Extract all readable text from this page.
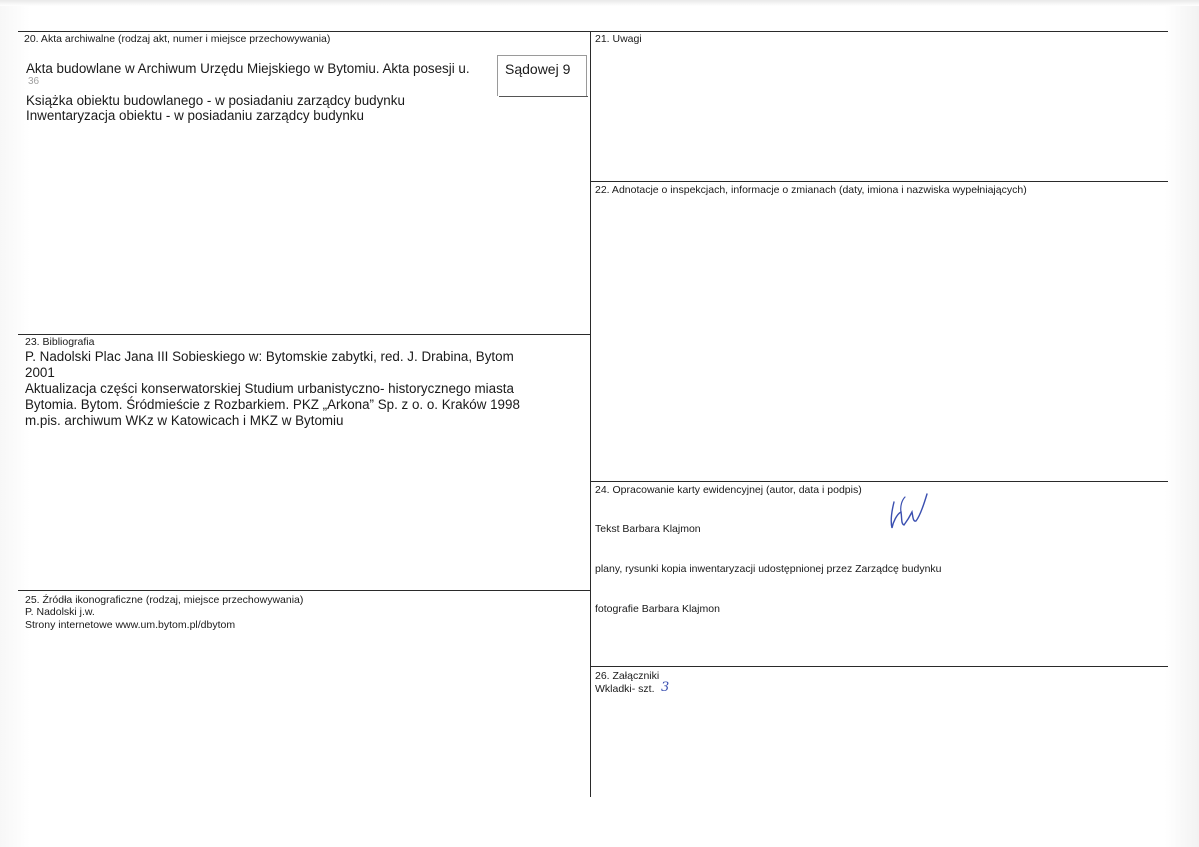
20. Akta archiwalne (rodzaj akt, numer i miejsce przechowywania)
Akta budowlane w Archiwum Urzędu Miejskiego w Bytomiu. Akta posesji u.	Sądowej 9
36
Książka obiektu budowlanego - w posiadaniu zarządcy budynku
Inwentaryzacja obiektu - w posiadaniu zarządcy budynku
21. Uwagi
22. Adnotacje o inspekcjach, informacje o zmianach (daty, imiona i nazwiska wypełniających)
23. Bibliografia
P. Nadolski Plac Jana III Sobieskiego w: Bytomskie zabytki, red. J. Drabina, Bytom
2001
Aktualizacja części konserwatorskiej Studium urbanistyczno- historycznego miasta
Bytomia. Bytom. Śródmieście z Rozbarkiem. PKZ „Arkona” Sp. z o. o. Kraków 1998
m.pis. archiwum WKz w Katowicach i MKZ w Bytomiu
24. Opracowanie karty ewidencyjnej (autor, data i podpis)
Tekst Barbara Klajmon
plany, rysunki kopia inwentaryzacji udostępnionej przez Zarządcę budynku
fotografie Barbara Klajmon
25. Źródła ikonograficzne (rodzaj, miejsce przechowywania)
P. Nadolski j.w.
Strony internetowe www.um.bytom.pl/dbytom
26. Załączniki
Wkladki- szt. 3
